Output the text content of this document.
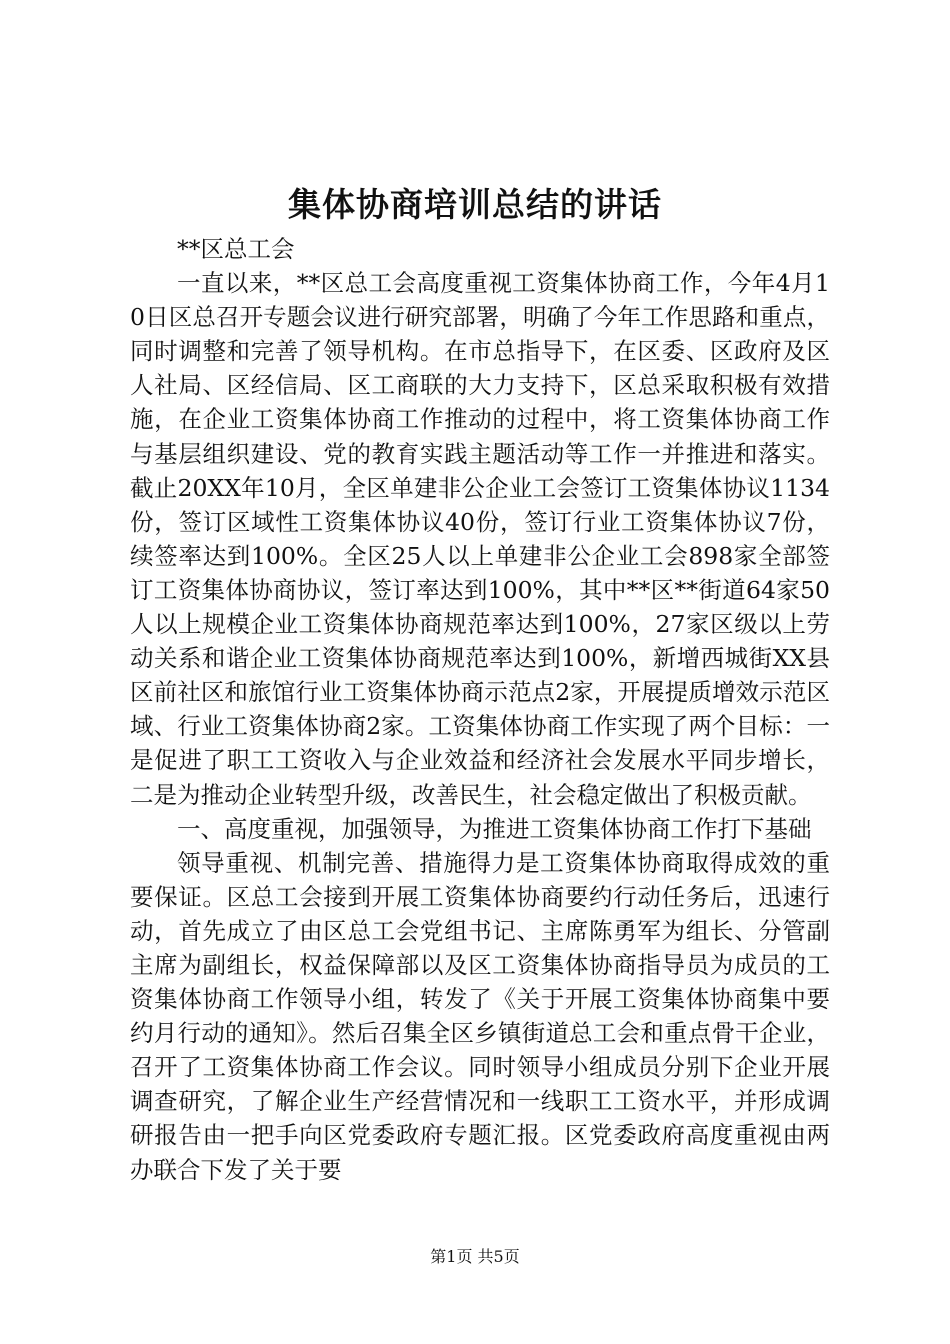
集体协商培训总结的讲话

**区总工会

一直以来，**区总工会高度重视工资集体协商工作，今年4月10日区总召开专题会议进行研究部署，明确了今年工作思路和重点，同时调整和完善了领导机构。在市总指导下，在区委、区政府及区人社局、区经信局、区工商联的大力支持下，区总采取积极有效措施，在企业工资集体协商工作推动的过程中，将工资集体协商工作与基层组织建设、党的教育实践主题活动等工作一并推进和落实。截止20XX年10月，全区单建非公企业工会签订工资集体协议1134份，签订区域性工资集体协议40份，签订行业工资集体协议7份，续签率达到100%。全区25人以上单建非公企业工会898家全部签订工资集体协商协议，签订率达到100%，其中**区**街道64家50人以上规模企业工资集体协商规范率达到100%，27家区级以上劳动关系和谐企业工资集体协商规范率达到100%，新增西城街XX县区前社区和旅馆行业工资集体协商示范点2家，开展提质增效示范区域、行业工资集体协商2家。工资集体协商工作实现了两个目标：一是促进了职工工资收入与企业效益和经济社会发展水平同步增长，二是为推动企业转型升级，改善民生，社会稳定做出了积极贡献。

一、高度重视，加强领导，为推进工资集体协商工作打下基础

领导重视、机制完善、措施得力是工资集体协商取得成效的重要保证。区总工会接到开展工资集体协商要约行动任务后，迅速行动，首先成立了由区总工会党组书记、主席陈勇军为组长、分管副主席为副组长，权益保障部以及区工资集体协商指导员为成员的工资集体协商工作领导小组，转发了《关于开展工资集体协商集中要约月行动的通知》。然后召集全区乡镇街道总工会和重点骨干企业，召开了工资集体协商工作会议。同时领导小组成员分别下企业开展调查研究，了解企业生产经营情况和一线职工工资水平，并形成调研报告由一把手向区党委政府专题汇报。区党委政府高度重视由两办联合下发了关于要

第1页 共5页
